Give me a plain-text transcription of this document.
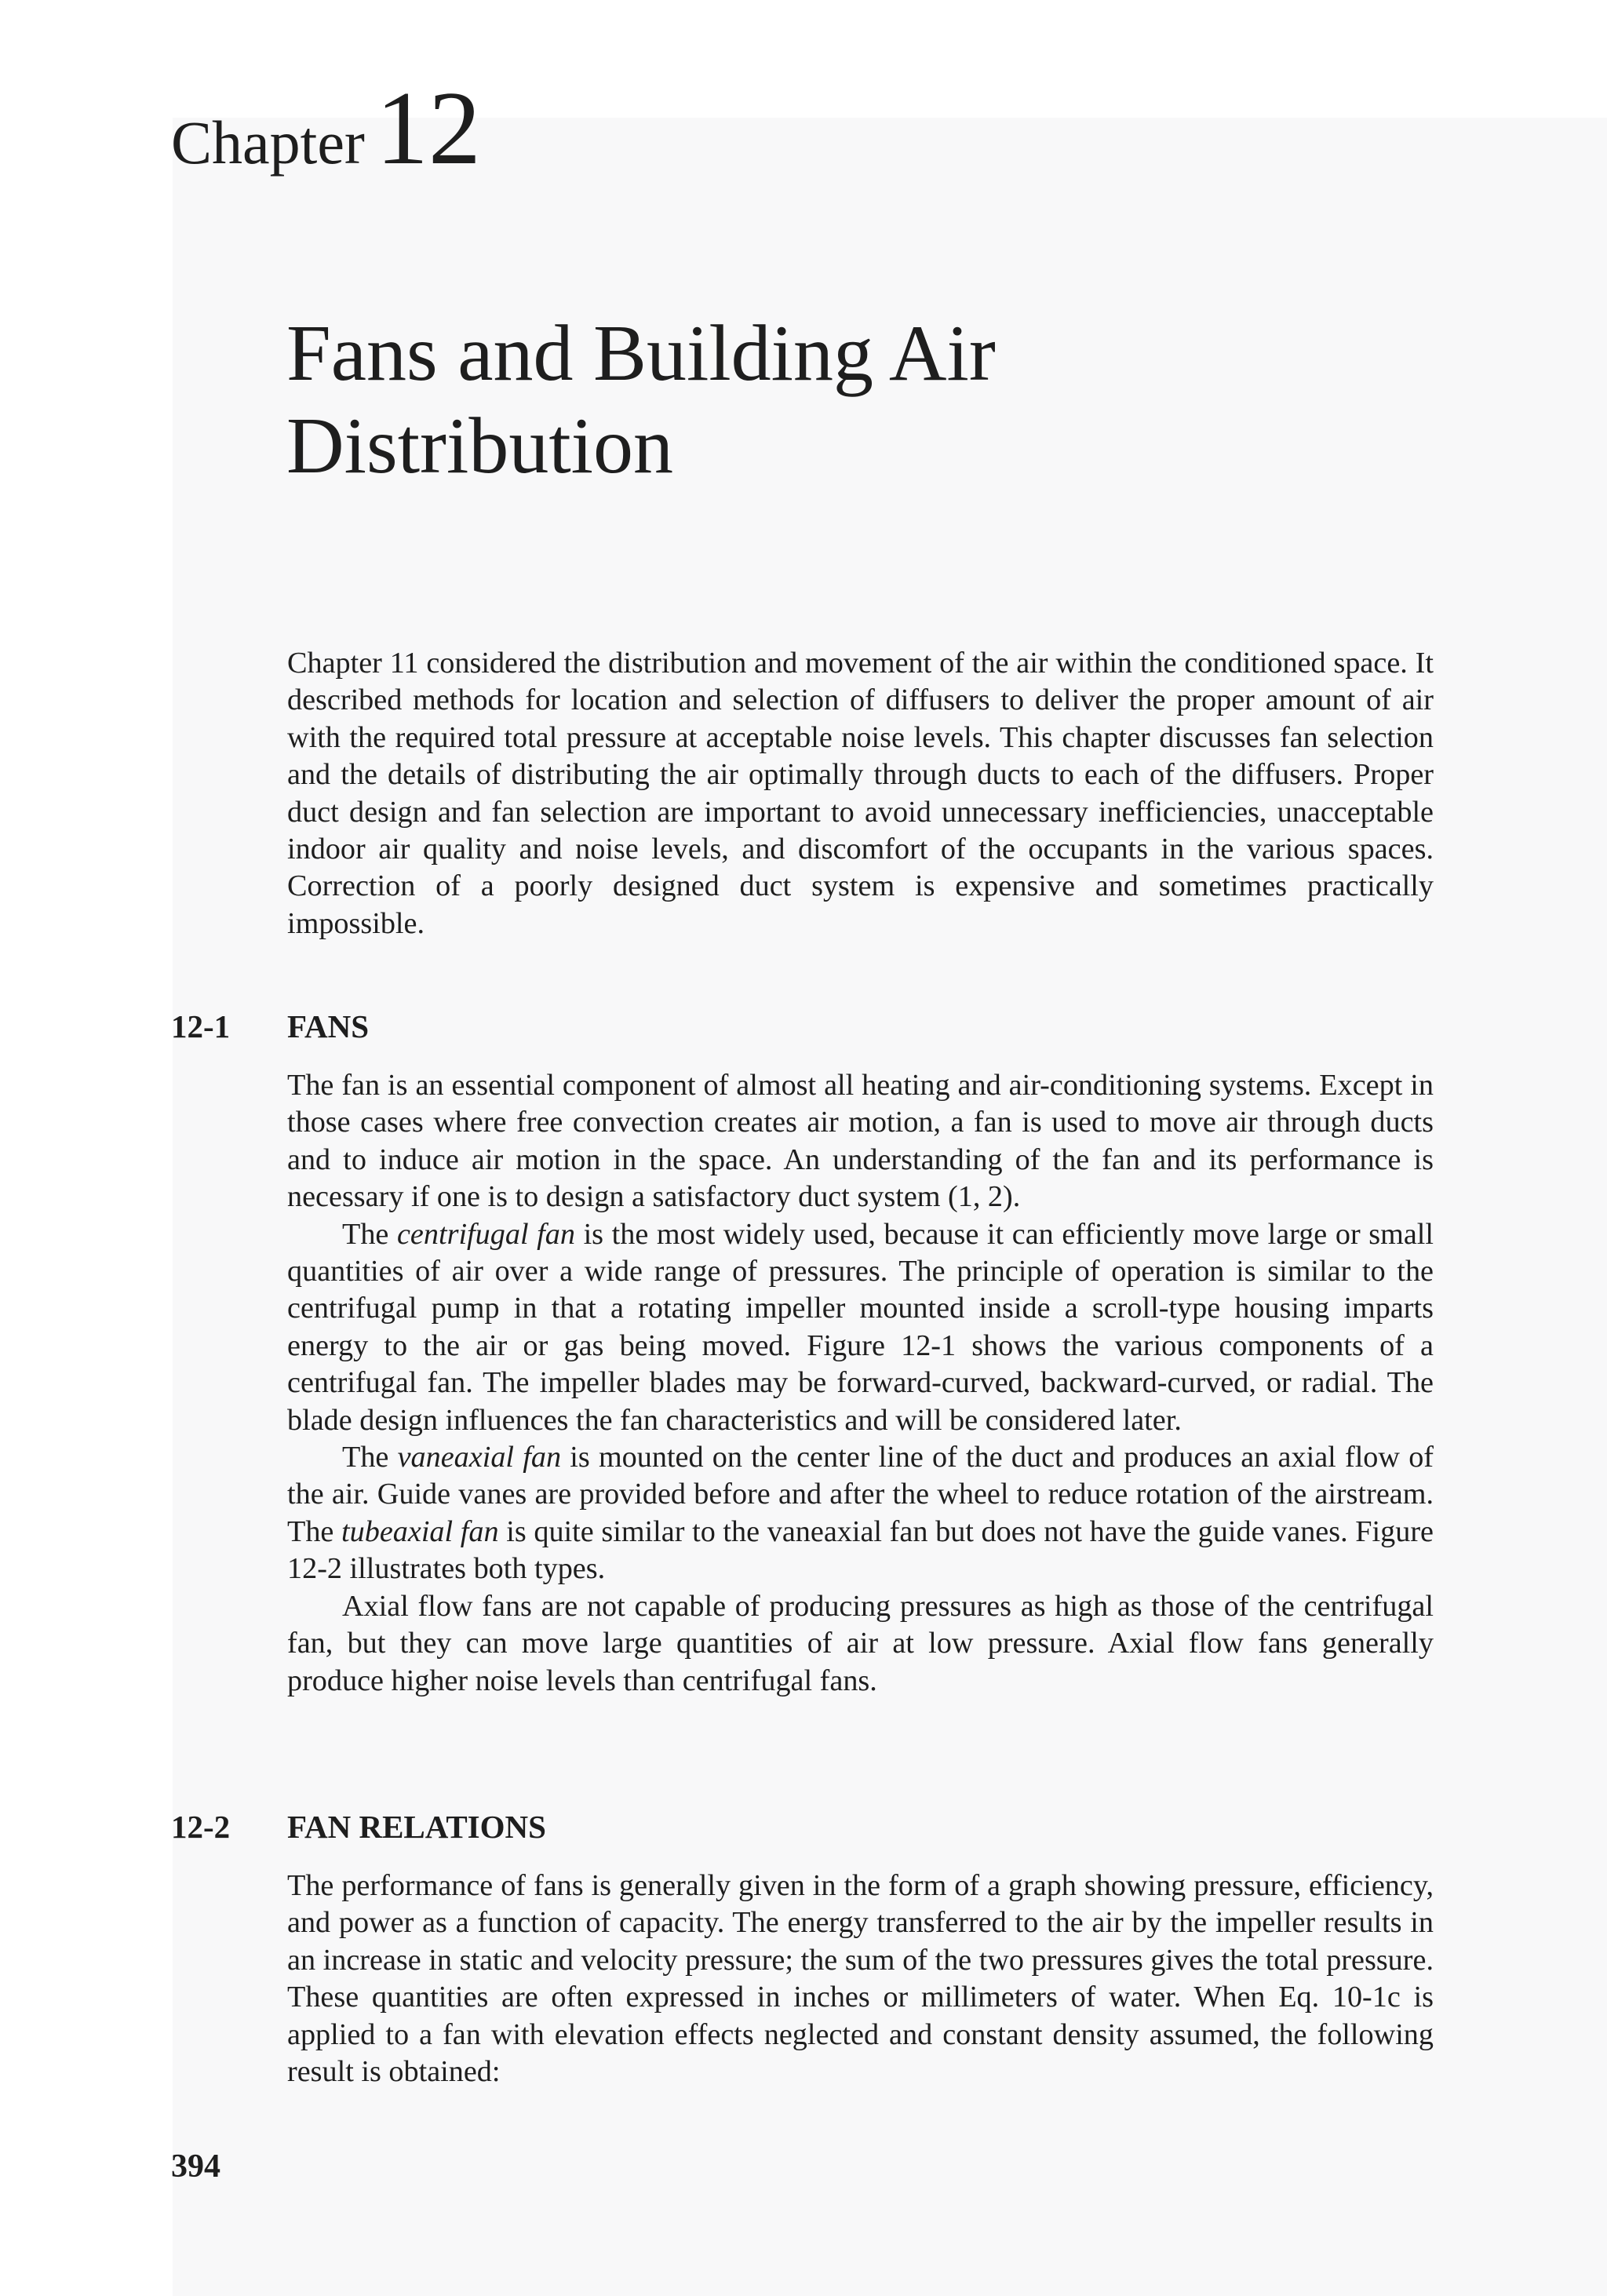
Chapter 12
Fans and Building Air
Distribution

Chapter 11 considered the distribution and movement of the air within the conditioned space. It described methods for location and selection of diffusers to deliver the proper amount of air with the required total pressure at acceptable noise levels. This chapter discusses fan selection and the details of distributing the air optimally through ducts to each of the diffusers. Proper duct design and fan selection are important to avoid unnecessary inefficiencies, unacceptable indoor air quality and noise levels, and discomfort of the occupants in the various spaces. Correction of a poorly designed duct system is expensive and sometimes practically impossible.

12-1 FANS

The fan is an essential component of almost all heating and air-conditioning systems. Except in those cases where free convection creates air motion, a fan is used to move air through ducts and to induce air motion in the space. An understanding of the fan and its performance is necessary if one is to design a satisfactory duct system (1, 2).

The centrifugal fan is the most widely used, because it can efficiently move large or small quantities of air over a wide range of pressures. The principle of operation is similar to the centrifugal pump in that a rotating impeller mounted inside a scroll-type housing imparts energy to the air or gas being moved. Figure 12-1 shows the various components of a centrifugal fan. The impeller blades may be forward-curved, backward-curved, or radial. The blade design influences the fan characteristics and will be considered later.

The vaneaxial fan is mounted on the center line of the duct and produces an axial flow of the air. Guide vanes are provided before and after the wheel to reduce rotation of the airstream. The tubeaxial fan is quite similar to the vaneaxial fan but does not have the guide vanes. Figure 12-2 illustrates both types.

Axial flow fans are not capable of producing pressures as high as those of the centrifugal fan, but they can move large quantities of air at low pressure. Axial flow fans generally produce higher noise levels than centrifugal fans.

12-2 FAN RELATIONS

The performance of fans is generally given in the form of a graph showing pressure, efficiency, and power as a function of capacity. The energy transferred to the air by the impeller results in an increase in static and velocity pressure; the sum of the two pressures gives the total pressure. These quantities are often expressed in inches or millimeters of water. When Eq. 10-1c is applied to a fan with elevation effects neglected and constant density assumed, the following result is obtained:

394
